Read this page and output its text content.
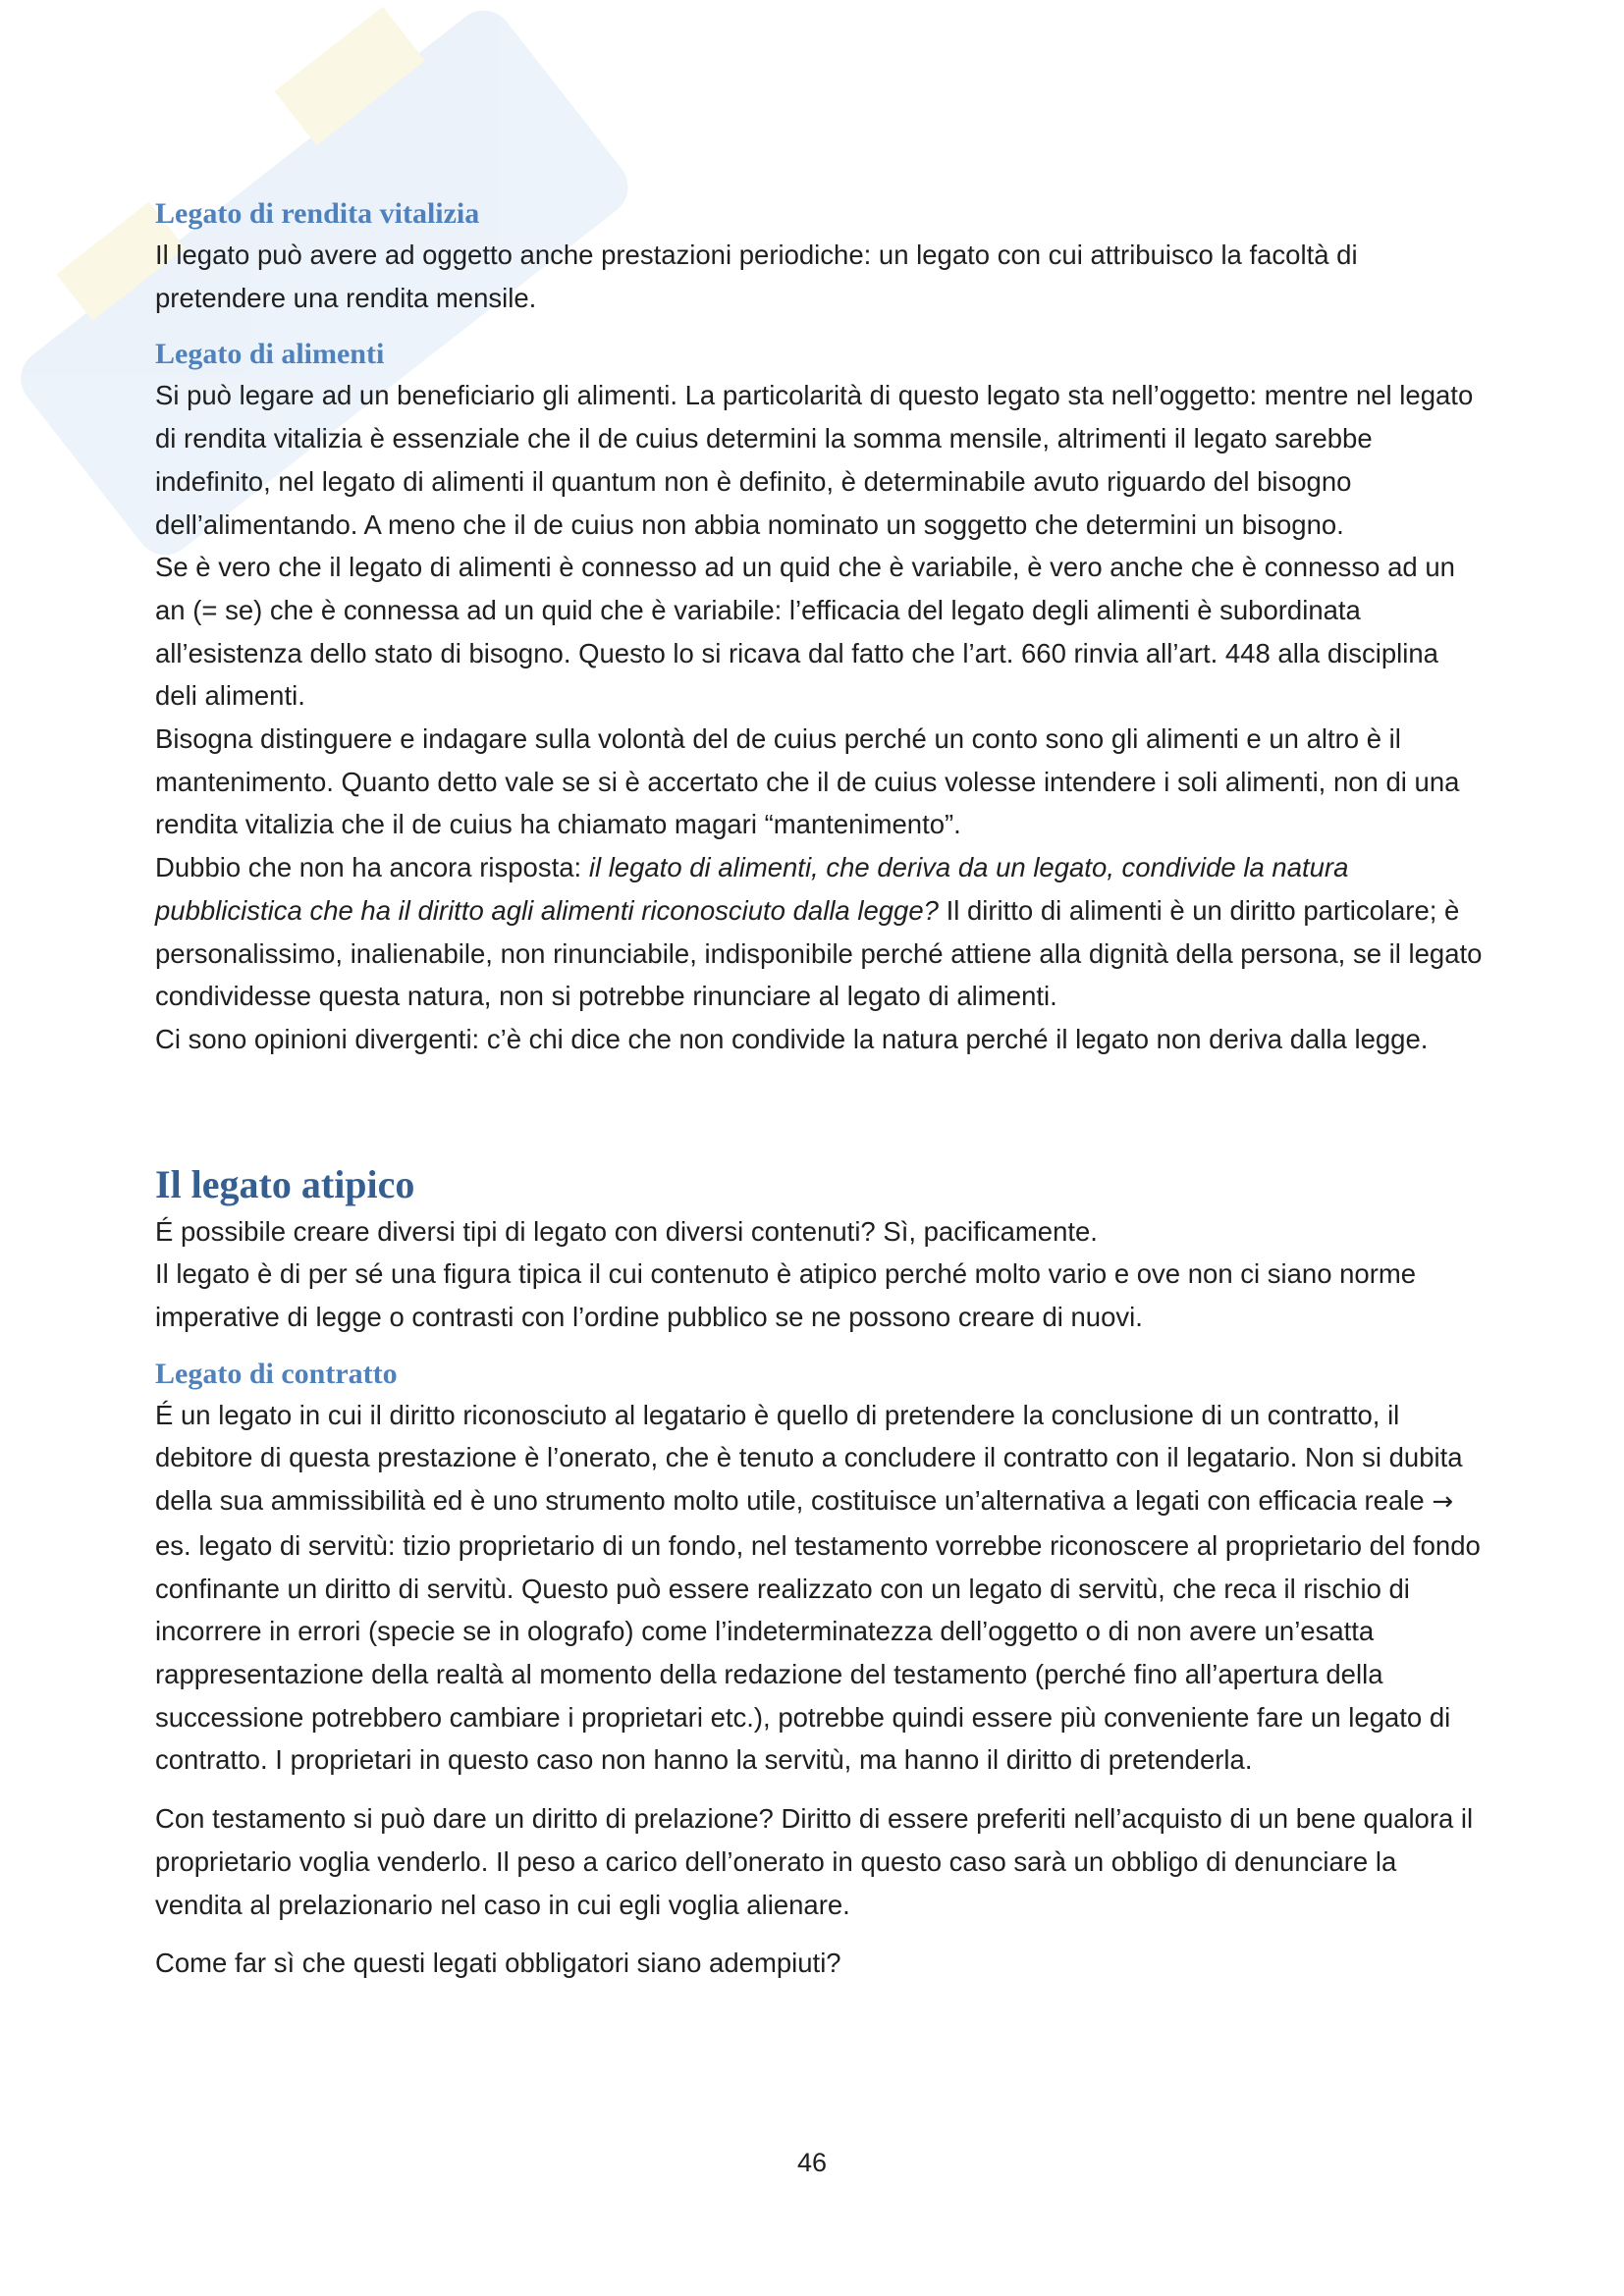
Legato di rendita vitalizia

Il legato può avere ad oggetto anche prestazioni periodiche: un legato con cui attribuisco la facoltà di pretendere una rendita mensile.

Legato di alimenti

Si può legare ad un beneficiario gli alimenti. La particolarità di questo legato sta nell’oggetto: mentre nel legato di rendita vitalizia è essenziale che il de cuius determini la somma mensile, altrimenti il legato sarebbe indefinito, nel legato di alimenti il quantum non è definito, è determinabile avuto riguardo del bisogno dell’alimentando. A meno che il de cuius non abbia nominato un soggetto che determini un bisogno.

Se è vero che il legato di alimenti è connesso ad un quid che è variabile, è vero anche che è connesso ad un an (= se) che è connessa ad un quid che è variabile: l’efficacia del legato degli alimenti è subordinata all’esistenza dello stato di bisogno. Questo lo si ricava dal fatto che l’art. 660 rinvia all’art. 448 alla disciplina deli alimenti.

Bisogna distinguere e indagare sulla volontà del de cuius perché un conto sono gli alimenti e un altro è il mantenimento. Quanto detto vale se si è accertato che il de cuius volesse intendere i soli alimenti, non di una rendita vitalizia che il de cuius ha chiamato magari “mantenimento”.

Dubbio che non ha ancora risposta: il legato di alimenti, che deriva da un legato, condivide la natura pubblicistica che ha il diritto agli alimenti riconosciuto dalla legge? Il diritto di alimenti è un diritto particolare; è personalissimo, inalienabile, non rinunciabile, indisponibile perché attiene alla dignità della persona, se il legato condividesse questa natura, non si potrebbe rinunciare al legato di alimenti.

Ci sono opinioni divergenti: c’è chi dice che non condivide la natura perché il legato non deriva dalla legge.

Il legato atipico

É possibile creare diversi tipi di legato con diversi contenuti? Sì, pacificamente.

Il legato è di per sé una figura tipica il cui contenuto è atipico perché molto vario e ove non ci siano norme imperative di legge o contrasti con l’ordine pubblico se ne possono creare di nuovi.

Legato di contratto

É un legato in cui il diritto riconosciuto al legatario è quello di pretendere la conclusione di un contratto, il debitore di questa prestazione è l’onerato, che è tenuto a concludere il contratto con il legatario. Non si dubita della sua ammissibilità ed è uno strumento molto utile, costituisce un’alternativa a legati con efficacia reale → es. legato di servitù: tizio proprietario di un fondo, nel testamento vorrebbe riconoscere al proprietario del fondo confinante un diritto di servitù. Questo può essere realizzato con un legato di servitù, che reca il rischio di incorrere in errori (specie se in olografo) come l’indeterminatezza dell’oggetto o di non avere un’esatta rappresentazione della realtà al momento della redazione del testamento (perché fino all’apertura della successione potrebbero cambiare i proprietari etc.), potrebbe quindi essere più conveniente fare un legato di contratto. I proprietari in questo caso non hanno la servitù, ma hanno il diritto di pretenderla.

Con testamento si può dare un diritto di prelazione? Diritto di essere preferiti nell’acquisto di un bene qualora il proprietario voglia venderlo. Il peso a carico dell’onerato in questo caso sarà un obbligo di denunciare la vendita al prelazionario nel caso in cui egli voglia alienare.

Come far sì che questi legati obbligatori siano adempiuti?

46
